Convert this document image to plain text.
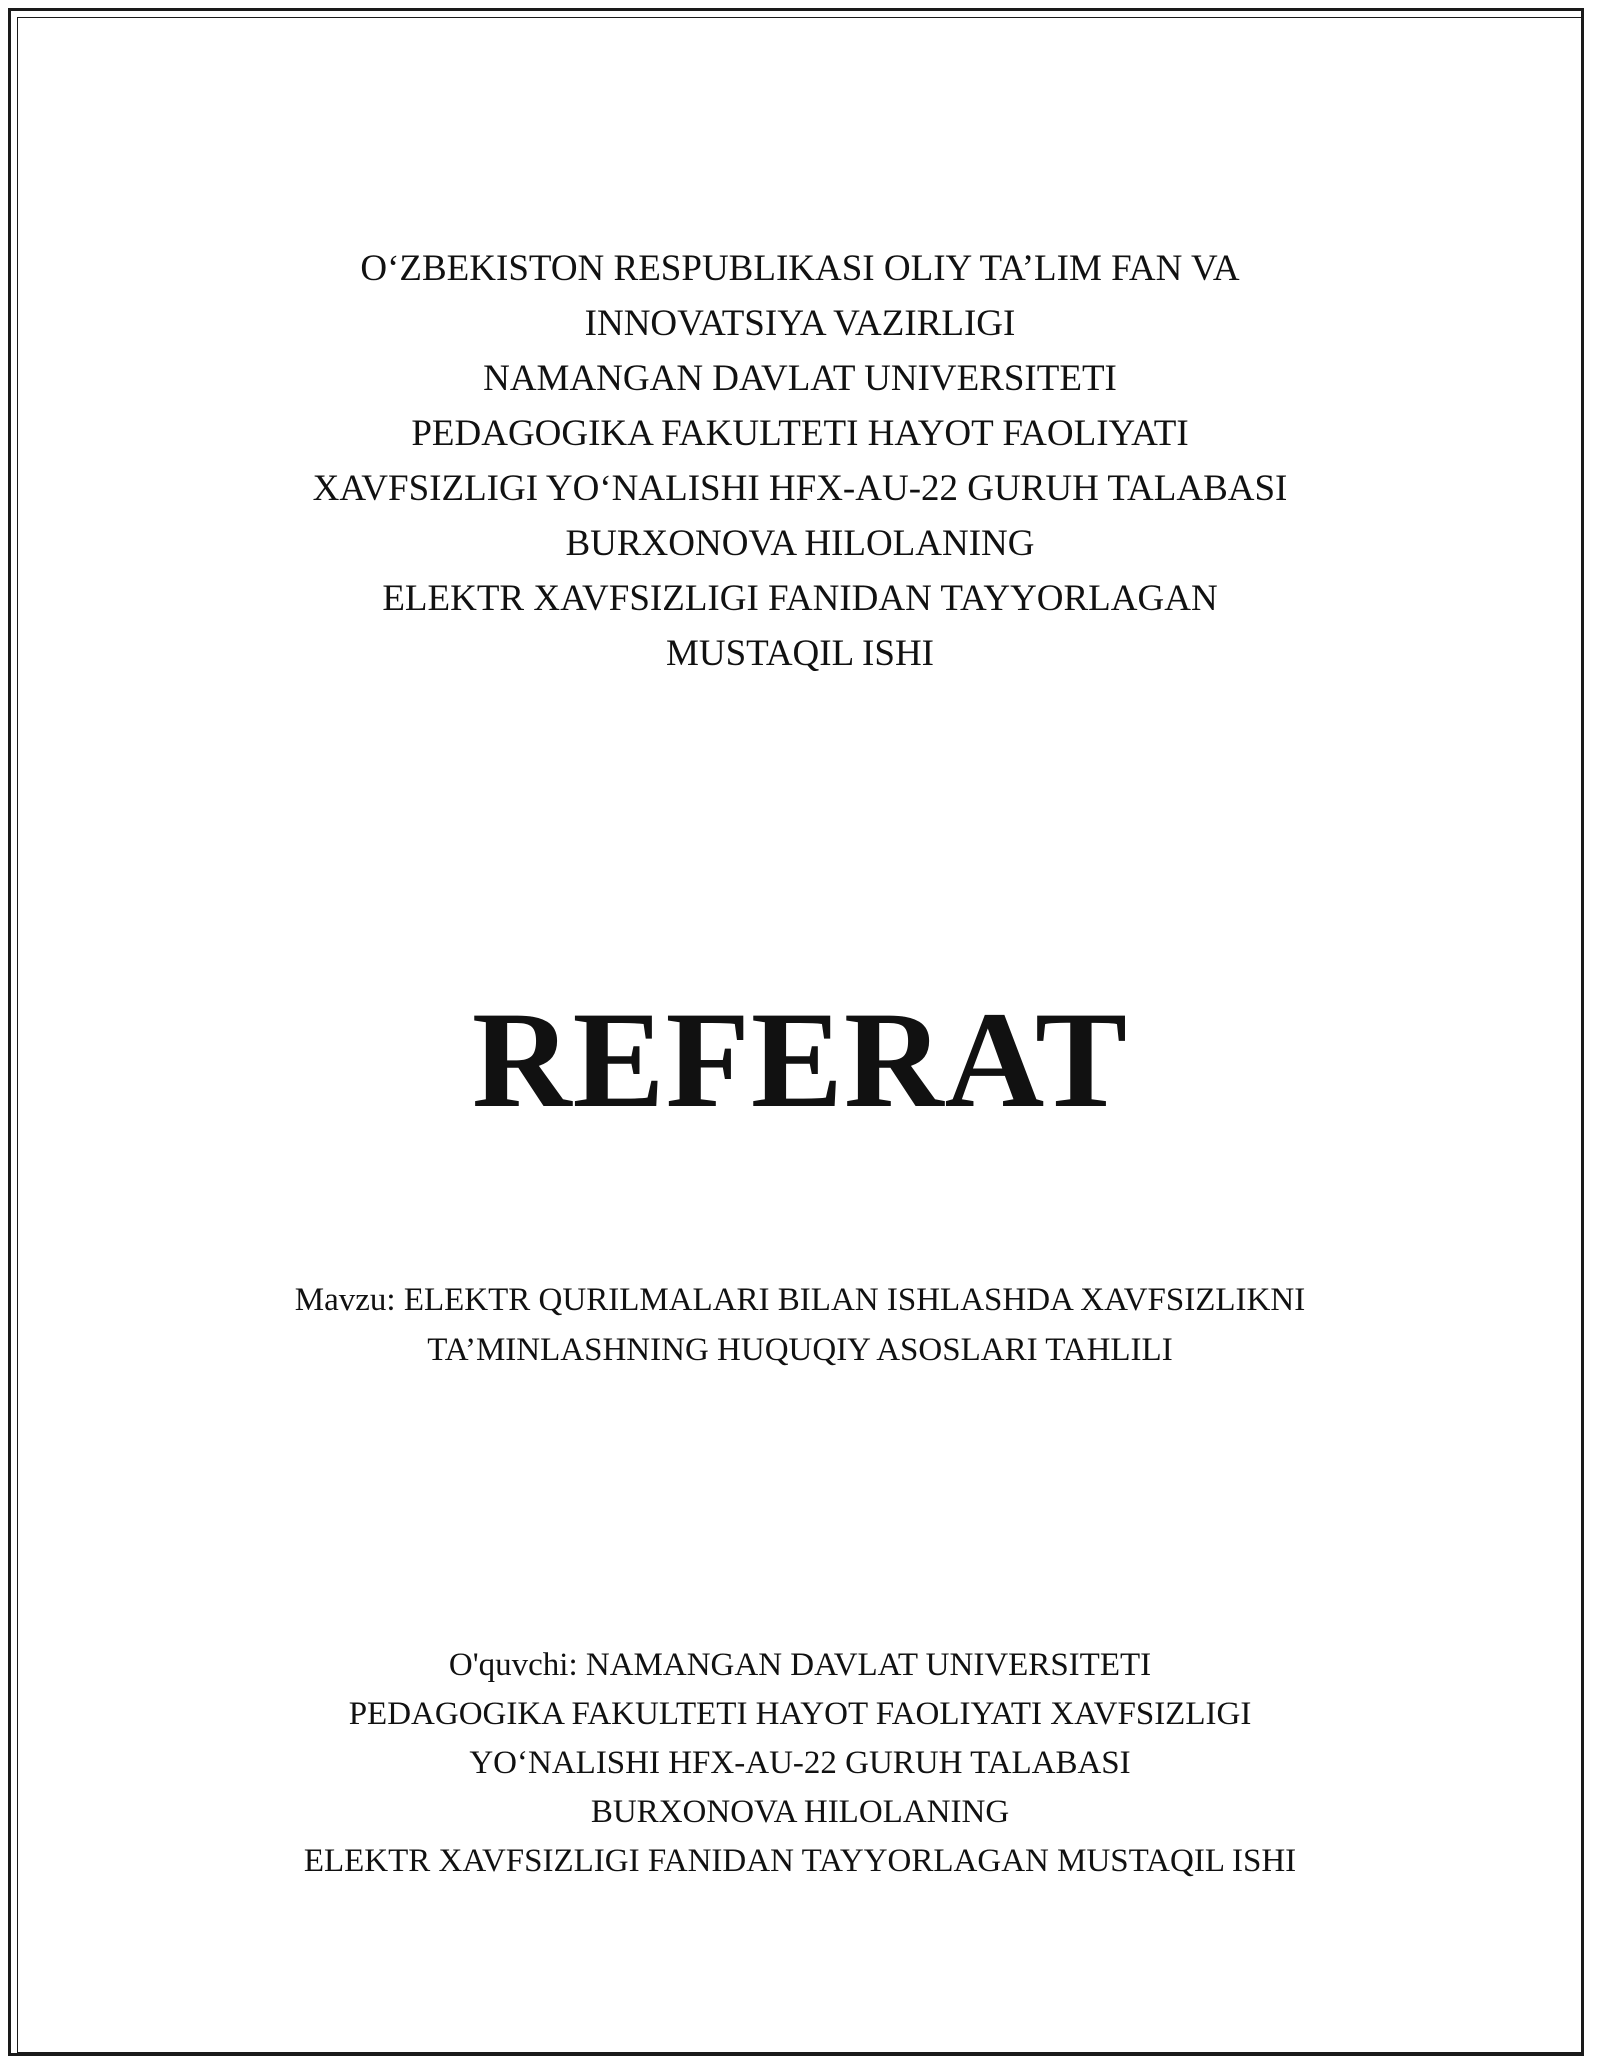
O‘ZBEKISTON RESPUBLIKASI OLIY TA’LIM FAN VA
INNOVATSIYA VAZIRLIGI
NAMANGAN DAVLAT UNIVERSITETI
PEDAGOGIKA FAKULTETI HAYOT FAOLIYATI
XAVFSIZLIGI YO‘NALISHI HFX-AU-22 GURUH TALABASI
BURXONOVA HILOLANING
ELEKTR XAVFSIZLIGI FANIDAN TAYYORLAGAN
MUSTAQIL ISHI
REFERAT
Mavzu: ELEKTR QURILMALARI BILAN ISHLASHDA XAVFSIZLIKNI
TA’MINLASHNING HUQUQIY ASOSLARI TAHLILI
O'quvchi: NAMANGAN DAVLAT UNIVERSITETI
PEDAGOGIKA FAKULTETI HAYOT FAOLIYATI XAVFSIZLIGI
YO‘NALISHI HFX-AU-22 GURUH TALABASI
BURXONOVA HILOLANING
ELEKTR XAVFSIZLIGI FANIDAN TAYYORLAGAN MUSTAQIL ISHI
